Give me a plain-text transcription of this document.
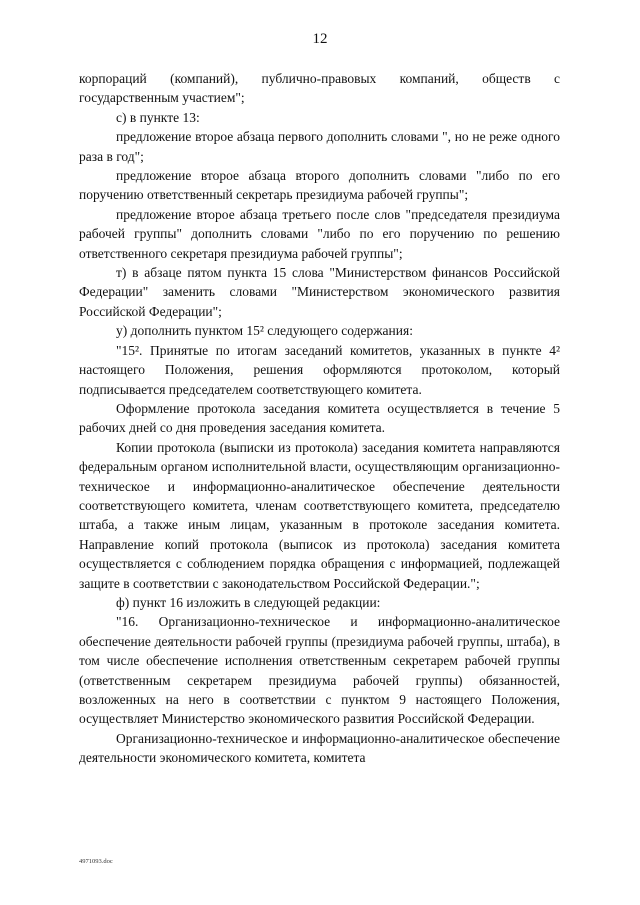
12

корпораций (компаний), публично-правовых компаний, обществ с государственным участием";

с) в пункте 13:

предложение второе абзаца первого дополнить словами ", но не реже одного раза в год";

предложение второе абзаца второго дополнить словами "либо по его поручению ответственный секретарь президиума рабочей группы";

предложение второе абзаца третьего после слов "председателя президиума рабочей группы" дополнить словами "либо по его поручению по решению ответственного секретаря президиума рабочей группы";

т) в абзаце пятом пункта 15 слова "Министерством финансов Российской Федерации" заменить словами "Министерством экономического развития Российской Федерации";

у) дополнить пунктом 15² следующего содержания:

"15². Принятые по итогам заседаний комитетов, указанных в пункте 4² настоящего Положения, решения оформляются протоколом, который подписывается председателем соответствующего комитета.

Оформление протокола заседания комитета осуществляется в течение 5 рабочих дней со дня проведения заседания комитета.

Копии протокола (выписки из протокола) заседания комитета направляются федеральным органом исполнительной власти, осуществляющим организационно-техническое и информационно-аналитическое обеспечение деятельности соответствующего комитета, членам соответствующего комитета, председателю штаба, а также иным лицам, указанным в протоколе заседания комитета. Направление копий протокола (выписок из протокола) заседания комитета осуществляется с соблюдением порядка обращения с информацией, подлежащей защите в соответствии с законодательством Российской Федерации.";

ф) пункт 16 изложить в следующей редакции:

"16. Организационно-техническое и информационно-аналитическое обеспечение деятельности рабочей группы (президиума рабочей группы, штаба), в том числе обеспечение исполнения ответственным секретарем рабочей группы (ответственным секретарем президиума рабочей группы) обязанностей, возложенных на него в соответствии с пунктом 9 настоящего Положения, осуществляет Министерство экономического развития Российской Федерации.

Организационно-техническое и информационно-аналитическое обеспечение деятельности экономического комитета, комитета

4971093.doc
